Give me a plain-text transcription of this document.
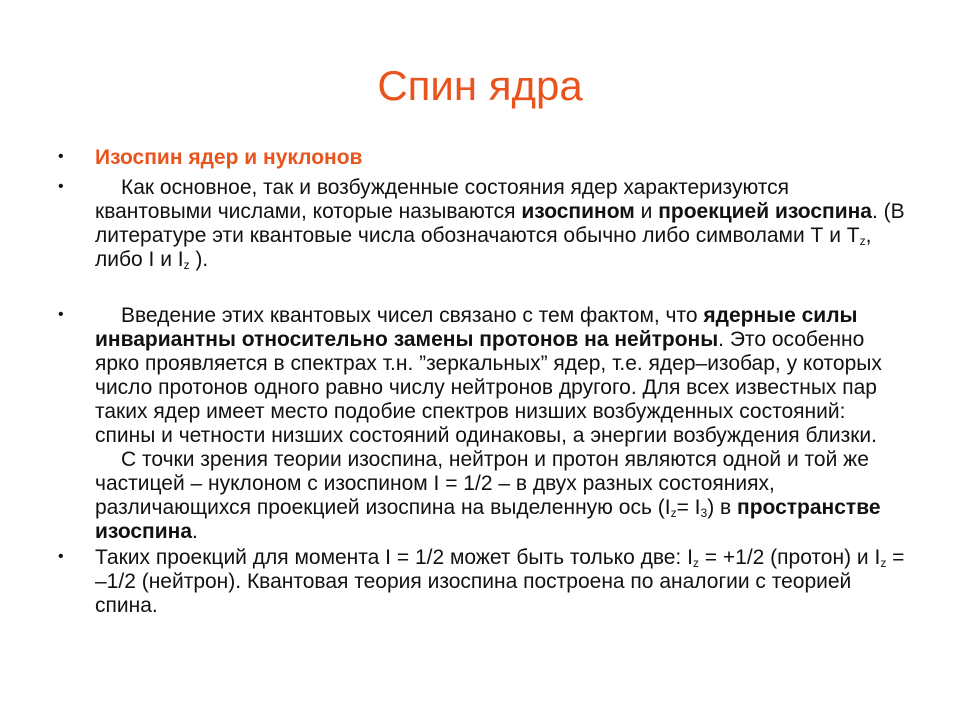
Спин ядра
• Изоспин ядер и нуклонов
•	Как основное, так и возбужденные состояния ядер характеризуются квантовыми числами, которые называются изоспином и проекцией изоспина. (В литературе эти квантовые числа обозначаются обычно либо символами Т и $Т_z$, либо I и $I_z$ ).
•	Введение этих квантовых чисел связано с тем фактом, что ядерные силы инвариантны относительно замены протонов на нейтроны. Это особенно ярко проявляется в спектрах т.н. ”зеркальных” ядер, т.е. ядер–изобар, у которых число протонов одного равно числу нейтронов другого. Для всех известных пар таких ядер имеет место подобие спектров низших возбужденных состояний: спины и четности низших состояний одинаковы, а энергии возбуждения близки.
С точки зрения теории изоспина, нейтрон и протон являются одной и той же частицей – нуклоном с изоспином I = 1/2 – в двух разных состояниях, различающихся проекцией изоспина на выделенную ось $(I_z= I_3)$ в пространстве изоспина.
• Таких проекций для момента I = 1/2 может быть только две: $I_z = +1/2$ (протон) и $I_z = -1/2$ (нейтрон). Квантовая теория изоспина построена по аналогии с теорией спина.
